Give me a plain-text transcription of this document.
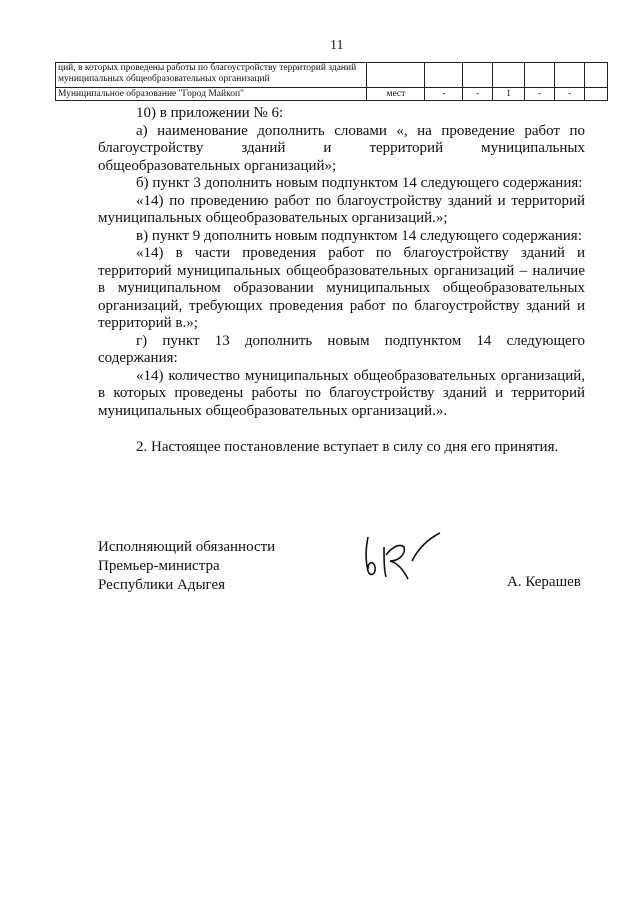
11
ций, в которых проведены работы по благоустройству территорий зданий муниципальных общеобразовательных организаций							
Муниципальное образование "Город Майкоп"	мест	-	-	1	-	-	

10) в приложении № 6:

а) наименование дополнить словами «, на проведение работ по благоустройству зданий и территорий муниципальных общеобразовательных организаций»;

б) пункт 3 дополнить новым подпунктом 14 следующего содержания:

«14) по проведению работ по благоустройству зданий и территорий муниципальных общеобразовательных организаций.»;

в) пункт 9 дополнить новым подпунктом 14 следующего содержания:

«14) в части проведения работ по благоустройству зданий и территорий муниципальных общеобразовательных организаций – наличие в муниципальном образовании муниципальных общеобразовательных организаций, требующих проведения работ по благоустройству зданий и территорий в.»;

г) пункт 13 дополнить новым подпунктом 14 следующего содержания:

«14) количество муниципальных общеобразовательных организаций, в которых проведены работы по благоустройству зданий и территорий муниципальных общеобразовательных организаций.».

2. Настоящее постановление вступает в силу со дня его принятия.

Исполняющий обязанности
Премьер-министра
Республики Адыгея	А. Керашев
